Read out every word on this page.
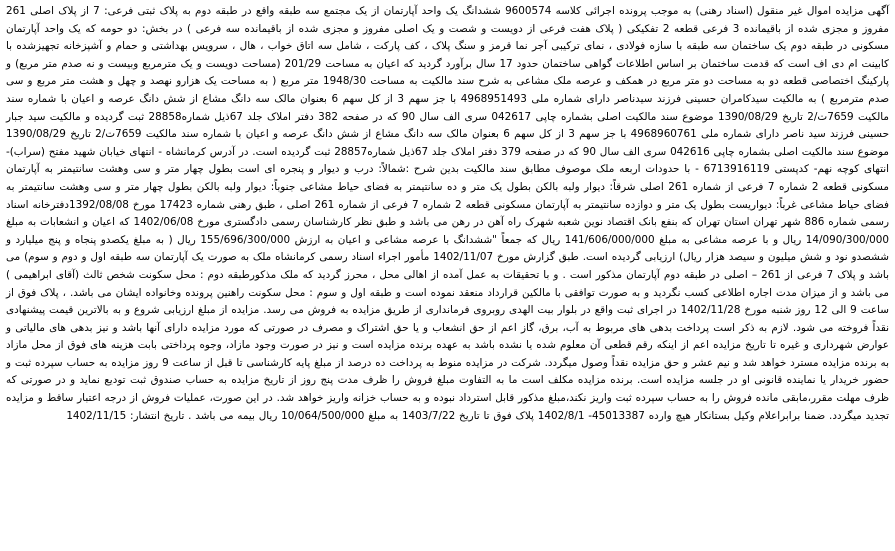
آگهی مزایده اموال غیر منقول (اسناد رهنی) به موجب پرونده اجرائی کلاسه 9600574 ششدانگ یک واحد آپارتمان از یک مجتمع سه طبقه واقع در طبقه دوم به پلاک ثبتی فرعی: 7 از پلاک اصلی 261 مفروز و مجزی شده از باقیمانده 3 فرعی قطعه 2 تفکیکی ( پلاک هفت فرعی از دویست و شصت و یک اصلی مفروز و مجزی شده از باقیمانده سه فرعی ) در بخش: دو حومه که یک واحد آپارتمان مسکونی در طبقه دوم یک ساختمان سه طبقه با سازه فولادی ، نمای ترکیبی آجر نما قرمز و سنگ پلاک ، کف پارکت ، شامل سه اتاق خواب ، هال ، سرویس بهداشتی و حمام و آشپزخانه تجهیزشده با کابینت ام دی اف است که قدمت ساختمان بر اساس اطلاعات گواهی ساختمان حدود 17 سال برآورد گردید که اعیان به مساحت 201/29 (مساحت دویست و یک مترمربع وبیست و نه صدم متر مربع) و پارکینگ اختصاصی قطعه دو به مساحت دو متر مربع در همکف و عرصه ملک مشاعی به شرح سند مالکیت به مساحت 1948/30 متر مربع ( به مساحت یک هزارو نهصد و چهل و هشت متر مربع و سی صدم مترمربع ) به مالکیت سیدکامران حسینی فرزند سیدناصر دارای شماره ملی 4968951493 با جز سهم 3 از کل سهم 6 بعنوان مالک سه دانگ مشاع از شش دانگ عرصه و اعیان با شماره سند مالکیت 7659ت/2 تاریخ 1390/08/29 موضوع سند مالکیت اصلی بشماره چاپی 042617 سری الف سال 90 که در صفحه 382 دفتر املاک جلد 67ذیل شماره28858 ثبت گردیده و مالکیت سید جبار حسینی فرزند سید ناصر دارای شماره ملی 4968960761 با جز سهم 3 از کل سهم 6 بعنوان مالک سه دانگ مشاع از شش دانگ عرصه و اعیان با شماره سند مالکیت 7659ت/2 تاریخ 1390/08/29 موضوع سند مالکیت اصلی بشماره چاپی 042616 سری الف سال 90 که در صفحه 379 دفتر املاک جلد 67ذیل شماره28857 ثبت گردیده است. در آدرس کرمانشاه - انتهای خیابان شهید مفتح (سراب)- انتهای کوچه نهم- کدپستی 6713916119 - با حدودات اربعه ملک موصوف مطابق سند مالکیت بدین شرح :شمالاً: درب و دیوار و پنجره ای است بطول چهار متر و سی وهشت سانتیمتر به آپارتمان مسکونی قطعه 2 شماره 7 فرعی از شماره 261 اصلی شرقاً: دیوار ولبه بالکن بطول یک متر و ده سانتیمتر به فضای حیاط مشاعی جنوباً: دیوار ولبه بالکن بطول چهار متر و سی وهشت سانتیمتر به فضای حیاط مشاعی غرباً: دیواریست بطول یک متر و دوازده سانتیمتر به آپارتمان مسکونی قطعه 2 شماره 7 فرعی از شماره 261 اصلی ، طبق رهنی شماره 17423 مورخ 1392/08/08دفترخانه اسناد رسمی شماره 886 شهر تهران استان تهران که بنفع بانک اقتصاد نوین شعبه شهرک راه آهن در رهن می باشد و طبق نظر کارشناسان رسمی دادگستری مورخ 1402/06/08 که اعیان و انشعابات به مبلغ 14/090/300/000 ریال و با عرصه مشاعی به مبلغ 141/606/000/000 ریال که جمعاً "ششدانگ با عرصه مشاعی و اعیان به ارزش 155/696/300/000 ریال ( به مبلغ یکصدو پنجاه و پنج میلیارد و ششصدو نود و شش میلیون و سیصد هزار ریال) ارزیابی گردیده است. طبق گزارش مورخ 1402/11/07 مأمور اجراء اسناد رسمی کرمانشاه ملک به صورت یک آپارتمان سه طبقه اول و دوم و سوم) می باشد و پلاک 7 فرعی از 261 – اصلی در طبقه دوم آپارتمان مذکور است . و با تحقیقات به عمل آمده از اهالی محل ، محرز گردید که ملک مذکورطبقه دوم : محل سکونت شخص ثالث (آقای ابراهیمی ) می باشد و از میزان مدت اجاره اطلاعی کسب نگردید و به صورت توافقی با مالکین قرارداد منعقد نموده است و طبقه اول و سوم : محل سکونت راهنین پرونده وخانواده ایشان می باشد. ، پلاک فوق از ساعت 9 الی 12 روز شنبه مورخ 1402/11/28 در اجرای ثبت واقع در بلوار بیت الهدی روبروی فرمانداری از طریق مزایده به فروش می رسد. مزایده از مبلغ ارزیابی شروع و به بالاترین قیمت پیشنهادی نقداً فروخته می شود. لازم به ذکر است پرداخت بدهی های مربوط به آب، برق، گاز اعم از حق انشعاب و یا حق اشتراک و مصرف در صورتی که مورد مزایده دارای آنها باشد و نیز بدهی های مالیاتی و عوارض شهرداری و غیره تا تاریخ مزایده اعم از اینکه رقم قطعی آن معلوم شده یا نشده باشد به عهده برنده مزایده است و نیز در صورت وجود مازاد، وجوه پرداختی بابت هزینه های فوق از محل مازاد به برنده مزایده مسترد خواهد شد و نیم عشر و حق مزایده نقداً وصول میگردد. شرکت در مزایده منوط به پرداخت ده درصد از مبلغ پایه کارشناسی تا قبل از ساعت 9 روز مزایده به حساب سپرده ثبت و حضور خریدار یا نماینده قانونی او در جلسه مزایده است. برنده مزایده مکلف است ما به التفاوت مبلغ فروش را ظرف مدت پنج روز از تاریخ مزایده به حساب صندوق ثبت تودیع نماید و در صورتی که ظرف مهلت مقرر،مابقی مانده فروش را به حساب سپرده ثبت واریز نکند،مبلغ مذکور قابل استرداد نبوده و به حساب خزانه واریز خواهد شد. در این صورت، عملیات فروش از درجه اعتبار ساقط و مزایده تجدید میگردد. ضمنا برابراعلام وکیل بستانکار هیچ وارده 45013387- 1402/8/1 پلاک فوق تا تاریخ 1403/7/22 به مبلغ 10/064/500/000 ریال بیمه می باشد . تاریخ انتشار: 1402/11/15
